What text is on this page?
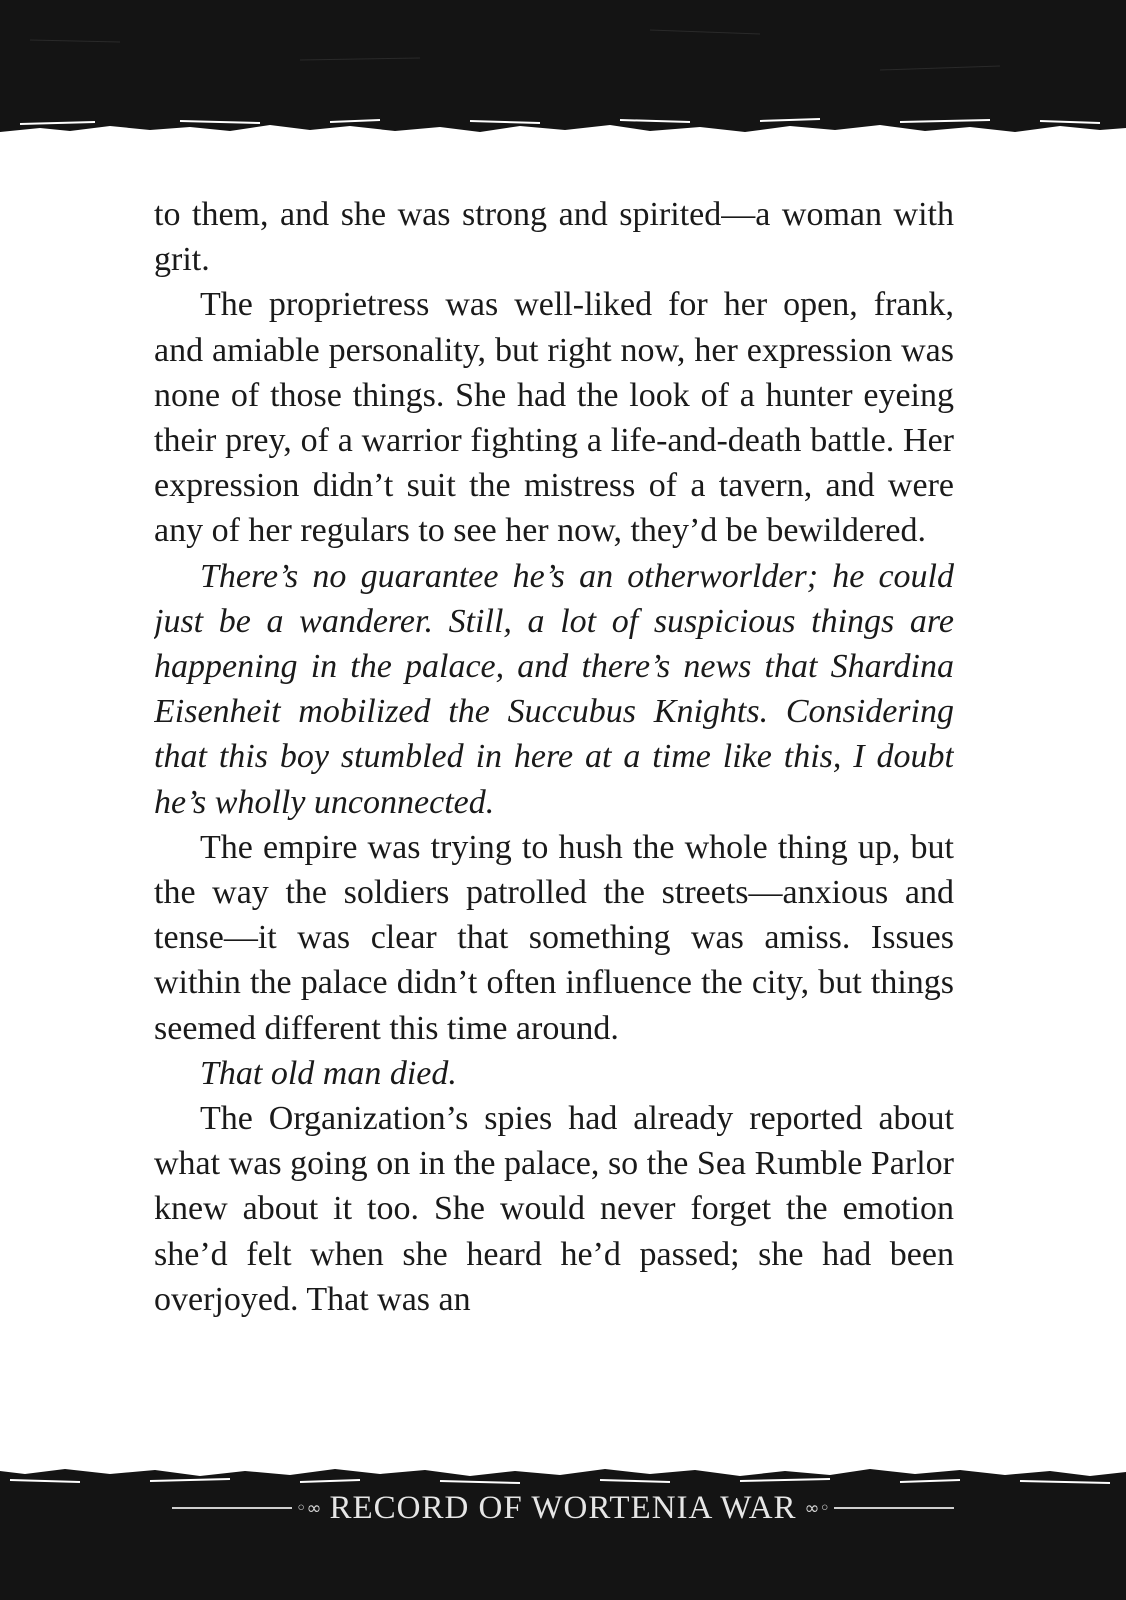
to them, and she was strong and spirited—a woman with grit.

The proprietress was well-liked for her open, frank, and amiable personality, but right now, her expression was none of those things. She had the look of a hunter eyeing their prey, of a warrior fighting a life-and-death battle. Her expression didn’t suit the mistress of a tavern, and were any of her regulars to see her now, they’d be bewildered.

There’s no guarantee he’s an otherworlder; he could just be a wanderer. Still, a lot of suspicious things are happening in the palace, and there’s news that Shardina Eisenheit mobilized the Succubus Knights. Considering that this boy stumbled in here at a time like this, I doubt he’s wholly unconnected.

The empire was trying to hush the whole thing up, but the way the soldiers patrolled the streets—anxious and tense—it was clear that something was amiss. Issues within the palace didn’t often influence the city, but things seemed different this time around.

That old man died.

The Organization’s spies had already reported about what was going on in the palace, so the Sea Rumble Parlor knew about it too. She would never forget the emotion she’d felt when she heard he’d passed; she had been overjoyed. That was an

◦∞ RECORD OF WORTENIA WAR ∞◦
